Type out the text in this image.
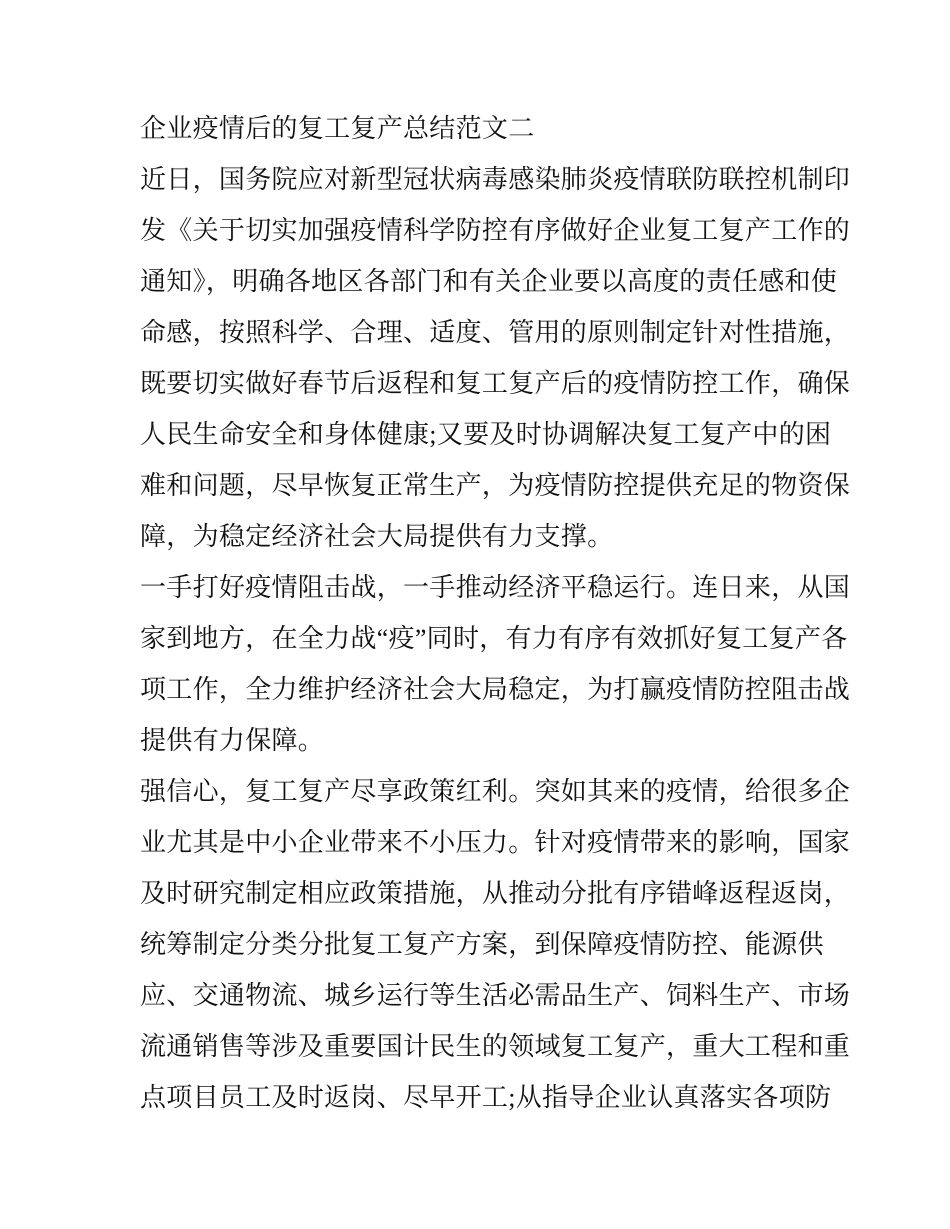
企业疫情后的复工复产总结范文二
近日，国务院应对新型冠状病毒感染肺炎疫情联防联控机制印
发《关于切实加强疫情科学防控有序做好企业复工复产工作的
通知》，明确各地区各部门和有关企业要以高度的责任感和使
命感，按照科学、合理、适度、管用的原则制定针对性措施，
既要切实做好春节后返程和复工复产后的疫情防控工作，确保
人民生命安全和身体健康;又要及时协调解决复工复产中的困
难和问题，尽早恢复正常生产，为疫情防控提供充足的物资保
障，为稳定经济社会大局提供有力支撑。
一手打好疫情阻击战，一手推动经济平稳运行。连日来，从国
家到地方，在全力战“疫”同时，有力有序有效抓好复工复产各
项工作，全力维护经济社会大局稳定，为打赢疫情防控阻击战
提供有力保障。
强信心，复工复产尽享政策红利。突如其来的疫情，给很多企
业尤其是中小企业带来不小压力。针对疫情带来的影响，国家
及时研究制定相应政策措施，从推动分批有序错峰返程返岗，
统筹制定分类分批复工复产方案，到保障疫情防控、能源供
应、交通物流、城乡运行等生活必需品生产、饲料生产、市场
流通销售等涉及重要国计民生的领域复工复产，重大工程和重
点项目员工及时返岗、尽早开工;从指导企业认真落实各项防
